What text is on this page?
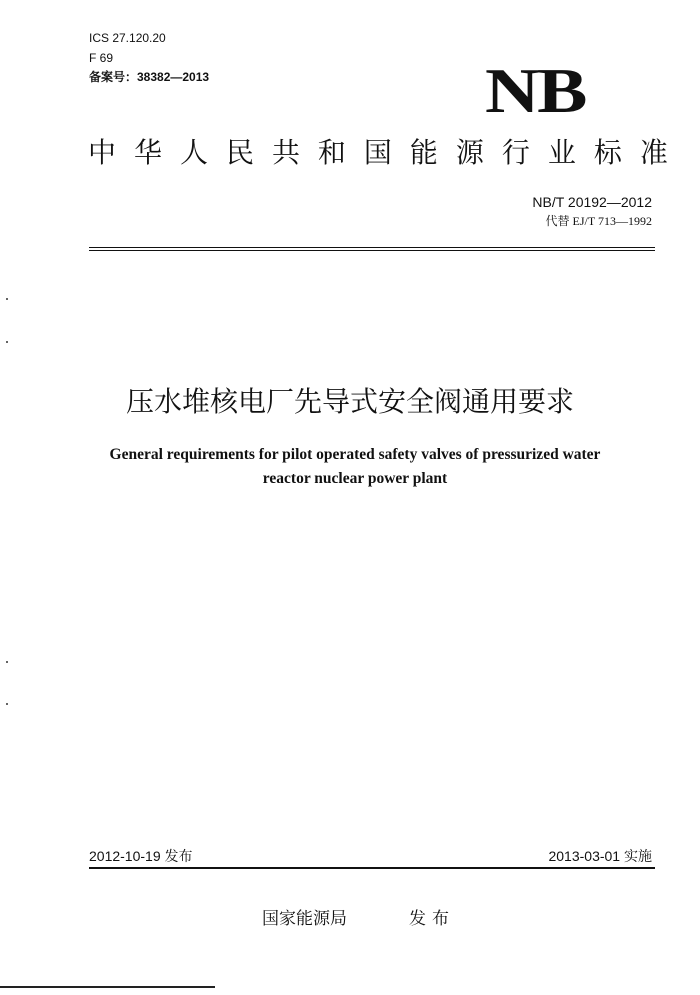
ICS 27.120.20
F 69
备案号：38382—2013	NB
中 华 人 民 共 和 国 能 源 行 业 标 准
NB/T 20192—2012
代替 EJ/T 713—1992
压水堆核电厂先导式安全阀通用要求
General requirements for pilot operated safety valves of pressurized water
reactor nuclear power plant
2012-10-19 发布	2013-03-01 实施
国家能源局	发布
